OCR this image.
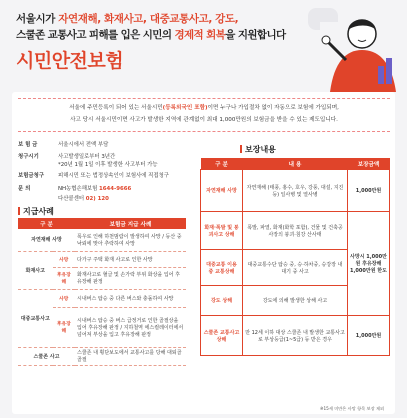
서울시가 자연재해, 화재사고, 대중교통사고, 강도,
스쿨존 교통사고 피해를 입은 시민의 경제적 회복을 지원합니다
시민안전보험
서울에 주민등록이 되어 있는 서울시민(등록외국인 포함)이면 누구나 가입절차 없이 자동으로 보험에 가입되며,
사고 당시 서울시민이면 사고가 발생한 지역에 관계없이 최대 1,000만원의 보험금을 받을 수 있는 제도입니다.
보 험 금	서울시에서 전액 부담
청구시기	사고발생일로부터 3년간
*20년 1월 1일 이후 발생한 사고부터 가능
보험금청구	피해시민 또는 법정상속인이 보험사에 직접청구
문 의	NH농협손해보험 1644-9666
다산콜센터 02) 120
지급사례
구 분		보험금 지급 사례
자연재해 사망		폭우로 인해 하천범람이 발생하여 사망 / 등산 중 낙뢰에 맞아 추락하여 사망
화재사고	사망	다가구 주택 화재 사고로 인한 사망
	후유장해	화재사고로 혈글 및 손가락 부위 화상을 입어 후유장해 판정
대중교통사고	사망	시내버스 탑승 중 다른 버스와 충돌하여 사망
	후유장해	시내버스 탑승 중 버스 급정거로 인한 골절상을 입어 후유장해 판정 / 지하철역 에스컬레이터에서 넘어져 부상을 입고 후유장해 판정
스쿨존 사고		스쿨존 내 횡단보도에서 교통사고를 당해 대퇴골 골절
보장내용
구 분	내 용	보장금액
자연재해 사망	자연재해 (태풍, 홍수, 호우, 강풍, 대설, 지진 등) 일사병 및 열사병	1,000만원
화재·폭발 및 붕괴사고 상해	폭발, 파열, 화재(화학 포함), 건물 및 건축공사장의 붕괴·침강 산사태	사망시 1,000만원 후유장해 1,000만원 한도
대중교통 이용 중 교통상해	대중교통수단 탑승 중, 승·하차중, 승강장 내 대기 중 사고	
강도 상해	강도에 의해 발생한 상해 사고	
스쿨존 교통사고 상해	만 12세 이하 대상 스쿨존 내 발생한 교통사고로 부상등급(1~5급) 등 받은 경우	1,000만원
※15세 미만은 사망 항목 보장 제외
